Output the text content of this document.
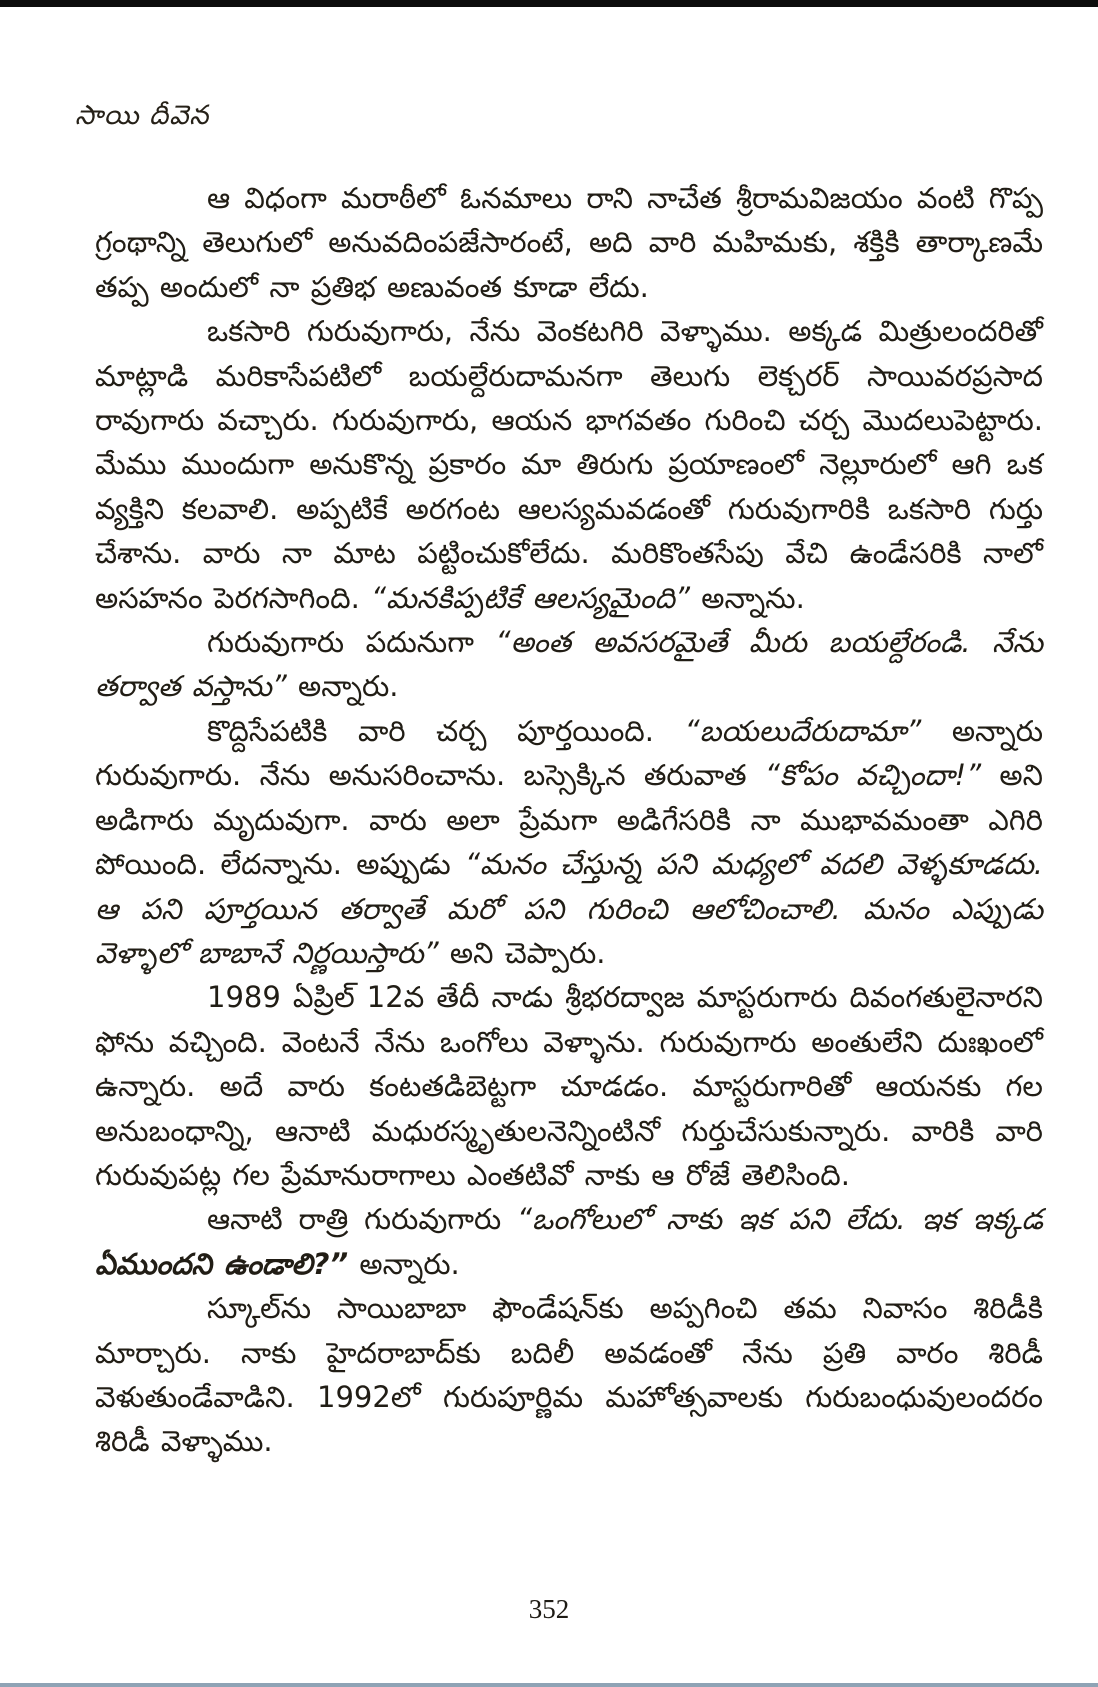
సాయి దీవెన

ఆ విధంగా మరాఠీలో ఓనమాలు రాని నాచేత శ్రీరామవిజయం వంటి గొప్ప గ్రంథాన్ని తెలుగులో అనువదింపజేసారంటే, అది వారి మహిమకు, శక్తికి తార్కాణమే తప్ప అందులో నా ప్రతిభ అణువంత కూడా లేదు.

ఒకసారి గురువుగారు, నేను వెంకటగిరి వెళ్ళాము. అక్కడ మిత్రులందరితో మాట్లాడి మరికాసేపటిలో బయల్దేరుదామనగా తెలుగు లెక్చరర్ సాయివరప్రసాద రావుగారు వచ్చారు. గురువుగారు, ఆయన భాగవతం గురించి చర్చ మొదలుపెట్టారు. మేము ముందుగా అనుకొన్న ప్రకారం మా తిరుగు ప్రయాణంలో నెల్లూరులో ఆగి ఒక వ్యక్తిని కలవాలి. అప్పటికే అరగంట ఆలస్యమవడంతో గురువుగారికి ఒకసారి గుర్తు చేశాను. వారు నా మాట పట్టించుకోలేదు. మరికొంతసేపు వేచి ఉండేసరికి నాలో అసహనం పెరగసాగింది. “మనకిప్పటికే ఆలస్యమైంది” అన్నాను.

గురువుగారు పదునుగా “అంత అవసరమైతే మీరు బయల్దేరండి. నేను తర్వాత వస్తాను” అన్నారు.

కొద్దిసేపటికి వారి చర్చ పూర్తయింది. “బయలుదేరుదామా” అన్నారు గురువుగారు. నేను అనుసరించాను. బస్సెక్కిన తరువాత “కోపం వచ్చిందా!” అని అడిగారు మృదువుగా. వారు అలా ప్రేమగా అడిగేసరికి నా ముభావమంతా ఎగిరి పోయింది. లేదన్నాను. అప్పుడు “మనం చేస్తున్న పని మధ్యలో వదలి వెళ్ళకూడదు. ఆ పని పూర్తయిన తర్వాతే మరో పని గురించి ఆలోచించాలి. మనం ఎప్పుడు వెళ్ళాలో బాబానే నిర్ణయిస్తారు” అని చెప్పారు.

1989 ఏప్రిల్ 12వ తేదీ నాడు శ్రీభరద్వాజ మాస్టరుగారు దివంగతులైనారని ఫోను వచ్చింది. వెంటనే నేను ఒంగోలు వెళ్ళాను. గురువుగారు అంతులేని దుఃఖంలో ఉన్నారు. అదే వారు కంటతడిబెట్టగా చూడడం. మాస్టరుగారితో ఆయనకు గల అనుబంధాన్ని, ఆనాటి మధురస్మృతులనెన్నింటినో గుర్తుచేసుకున్నారు. వారికి వారి గురువుపట్ల గల ప్రేమానురాగాలు ఎంతటివో నాకు ఆ రోజే తెలిసింది.

ఆనాటి రాత్రి గురువుగారు “ఒంగోలులో నాకు ఇక పని లేదు. ఇక ఇక్కడ ఏముందని ఉండాలి?” అన్నారు.

స్కూల్‌ను సాయిబాబా ఫౌండేషన్‌కు అప్పగించి తమ నివాసం శిరిడీకి మార్చారు. నాకు హైదరాబాద్‌కు బదిలీ అవడంతో నేను ప్రతి వారం శిరిడీ వెళుతుండేవాడిని. 1992లో గురుపూర్ణిమ మహోత్సవాలకు గురుబంధువులందరం శిరిడీ వెళ్ళాము.

352
